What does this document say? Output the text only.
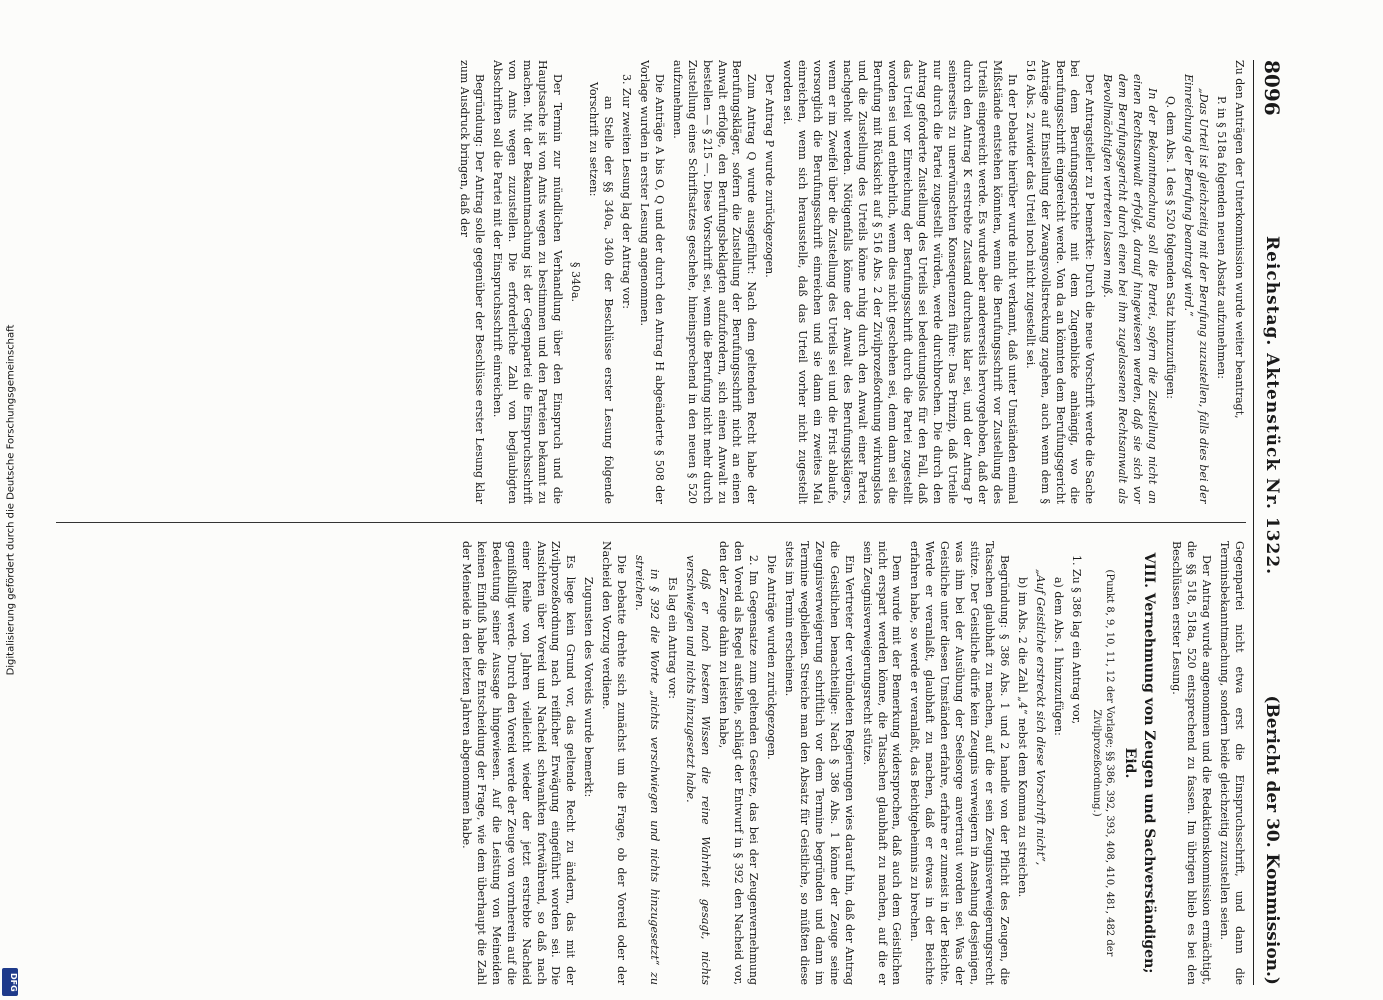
Digitalisierung gefördert durch die Deutsche Forschungsgemeinschaft
DFG
8096
Reichstag. Aktenstück Nr. 1322.
(Bericht der 30. Kommission.)

Zu den Anträgen der Unterkommission wurde weiter beantragt,

P. in § 518a folgenden neuen Absatz aufzunehmen:

„Das Urteil ist gleichzeitig mit der Berufung zuzustellen, falls dies bei der Einreichung der Berufung beantragt wird.“

Q. dem Abs. 1 des § 520 folgenden Satz hinzuzufügen:

In der Bekanntmachung soll die Partei, sofern die Zustellung nicht an einen Rechtsanwalt erfolgt, darauf hingewiesen werden, daß sie sich vor dem Berufungsgericht durch einen bei ihm zugelassenen Rechtsanwalt als Bevollmächtigten vertreten lassen muß.

Der Antragsteller zu P bemerkte: Durch die neue Vorschrift werde die Sache bei dem Berufungsgerichte mit dem Zugenblicke anhängig, wo die Berufungsschrift eingereicht werde. Von da an könnten dem Berufungsgericht Anträge auf Einstellung der Zwangsvollstreckung zugehen, auch wenn dem § 516 Abs. 2 zuwider das Urteil noch nicht zugestellt sei.

In der Debatte hierüber wurde nicht verkannt, daß unter Umständen einmal Mißstände entstehen könnten, wenn die Berufungsschrift vor Zustellung des Urteils eingereicht werde. Es wurde aber andererseits hervorgehoben, daß der durch den Antrag K erstrebte Zustand durchaus klar sei, und der Antrag P seinerseits zu unerwünschten Konsequenzen führe: Das Prinzip, daß Urteile nur durch die Partei zugestellt würden, werde durchbrochen. Die durch den Antrag geforderte Zustellung des Urteils sei bedeutungslos für den Fall, daß das Urteil vor Einreichung der Berufungsschrift durch die Partei zugestellt worden sei und entbehrlich, wenn dies nicht geschehen sei, denn dann sei die Berufung mit Rücksicht auf § 516 Abs. 2 der Zivilprozeßordnung wirkungslos und die Zustellung des Urteils könne ruhig durch den Anwalt einer Partei nachgeholt werden. Nötigenfalls könne der Anwalt des Berufungsklägers, wenn er im Zweifel über die Zustellung des Urteils sei und die Frist ablaufe, vorsorglich die Berufungsschrift einreichen und sie dann ein zweites Mal einreichen, wenn sich herausstelle, daß das Urteil vorher nicht zugestellt worden sei.

Der Antrag P wurde zurückgezogen.

Zum Antrag Q wurde ausgeführt: Nach dem geltenden Recht habe der Berufungskläger, sofern die Zustellung der Berufungsschrift nicht an einen Anwalt erfolge, den Berufungsbeklagten aufzufordern, sich einen Anwalt zu bestellen — § 215 —. Diese Vorschrift sei, wenn die Berufung nicht mehr durch Zustellung eines Schriftsatzes geschehe, hineinsprechend in den neuen § 520 aufzunehmen.

Die Anträge A bis O, Q und der durch den Antrag H abgeänderte § 508 der Vorlage wurden in erster Lesung angenommen.

3. Zur zweiten Lesung lag der Antrag vor:

an Stelle der §§ 340a, 340b der Beschlüsse erster Lesung folgende Vorschrift zu setzen:

§ 340a.

Der Termin zur mündlichen Verhandlung über den Einspruch und die Hauptsache ist von Amts wegen zu bestimmen und den Parteien bekannt zu machen. Mit der Bekanntmachung ist der Gegenpartei die Einspruchsschrift von Amts wegen zuzustellen. Die erforderliche Zahl von beglaubigten Abschriften soll die Partei mit der Einspruchsschrift einreichen.

Begründung: Der Antrag solle gegenüber der Beschlüsse erster Lesung klar zum Ausdruck bringen, daß der

Gegenpartei nicht etwa erst die Einspruchsschrift, und dann die Terminsbekanntmachung, sondern beide gleichzeitig zuzustellen seien.

Der Antrag wurde angenommen und die Redaktionskommission ermächtigt, die §§ 518, 518a, 520 entsprechend zu fassen. Im übrigen blieb es bei den Beschlüssen erster Lesung.

VIII. Vernehmung von Zeugen und Sachverständigen; Eid.

(Punkt 8, 9, 10, 11, 12 der Vorlage; §§ 386, 392, 393, 408, 410, 481, 482 der Zivilprozeßordnung.)

1. Zu § 386 lag ein Antrag vor,

a) dem Abs. 1 hinzuzufügen:

„Auf Geistliche erstreckt sich diese Vorschrift nicht“,

b) im Abs. 2 die Zahl „4“ nebst dem Komma zu streichen.

Begründung: § 386 Abs. 1 und 2 handle von der Pflicht des Zeugen, die Tatsachen glaubhaft zu machen, auf die er sein Zeugnisverweigerungsrecht stütze. Der Geistliche dürfe kein Zeugnis verweigern in Ansehung desjenigen, was ihm bei der Ausübung der Seelsorge anvertraut worden sei. Was der Geistliche unter diesen Umständen erfahre, erfahre er zumeist in der Beichte. Werde er veranlaßt, glaubhaft zu machen, daß er etwas in der Beichte erfahren habe, so werde er veranlaßt, das Beichtgeheimnis zu brechen.

Dem wurde mit der Bemerkung widersprochen, daß auch dem Geistlichen nicht erspart werden könne, die Tatsachen glaubhaft zu machen, auf die er sein Zeugnisverweigerungsrecht stütze.

Ein Vertreter der verbündeten Regierungen wies darauf hin, daß der Antrag die Geistlichen benachteilige: Nach § 386 Abs. 1 könne der Zeuge seine Zeugnisverweigerung schriftlich vor dem Termine begründen und dann im Termine wegbleiben. Streiche man den Absatz für Geistliche, so müßten diese stets im Termin erscheinen.

Die Anträge wurden zurückgezogen.

2. Im Gegensatze zum geltenden Gesetze, das bei der Zeugenvernehmung den Voreid als Regel aufstelle, schlägt der Entwurf in § 392 den Nacheid vor, den der Zeuge dahin zu leisten habe,

daß er nach bestem Wissen die reine Wahrheit gesagt, nichts verschwiegen und nichts hinzugesetzt habe.

Es lag ein Antrag vor:

in § 392 die Worte „nichts verschwiegen und nichts hinzugesetzt“ zu streichen.

Die Debatte drehte sich zunächst um die Frage, ob der Voreid oder der Nacheid den Vorzug verdiene.

Zugunsten des Voreids wurde bemerkt:

Es liege kein Grund vor, das geltende Recht zu ändern, das mit der Zivilprozeßordnung nach reiflicher Erwägung eingeführt worden sei. Die Ansichten über Voreid und Nacheid schwankten fortwährend, so daß nach einer Reihe von Jahren vielleicht wieder der jetzt erstrebte Nacheid gemißbilligt werde. Durch den Voreid werde der Zeuge von vornherein auf die Bedeutung seiner Aussage hingewiesen. Auf die Leistung von Meineiden keinen Einfluß habe die Entscheidung der Frage, wie dem überhaupt die Zahl der Meineide in den letzten Jahren abgenommen habe.
